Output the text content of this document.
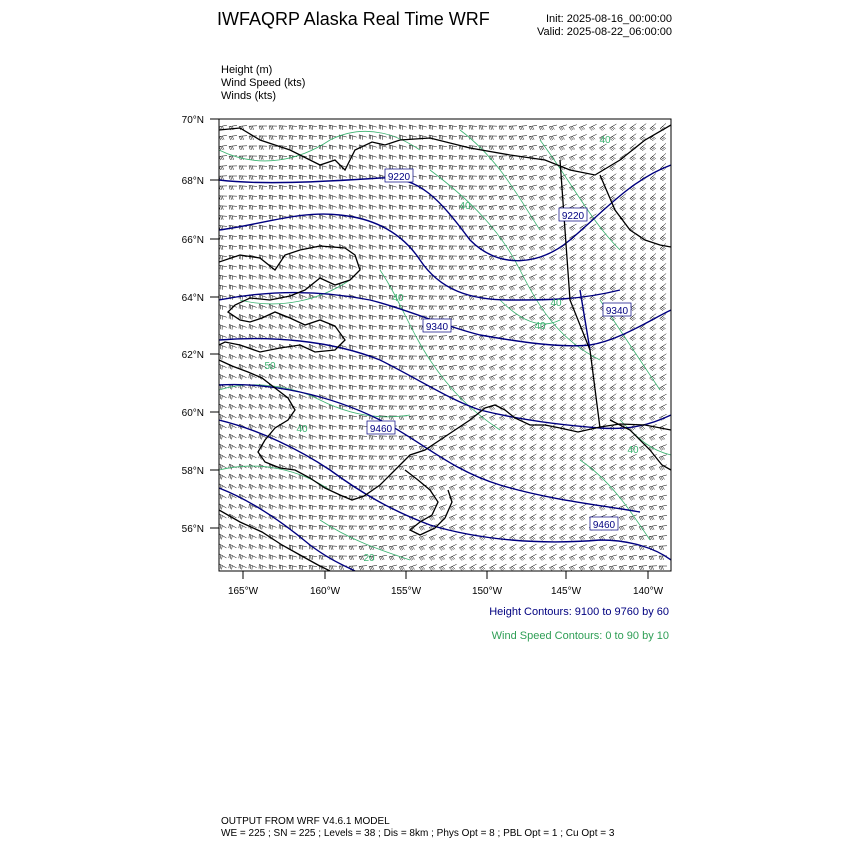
IWFAQRP Alaska Real Time WRF	Init: 2025-08-16_00:00:00
Valid: 2025-08-22_06:00:00
Height (m)
Wind Speed (kts)
Winds (kts)
9220
9220
9340
9340
9460
9460
40
40
40
40
40
50
40
40
20
70°N
68°N
66°N
64°N
62°N
60°N
58°N
56°N
165°W	160°W	155°W	150°W	145°W	140°W
Height Contours: 9100 to 9760 by 60
Wind Speed Contours: 0 to 90 by 10
OUTPUT FROM WRF V4.6.1 MODEL
WE = 225 ; SN = 225 ; Levels = 38 ; Dis = 8km ; Phys Opt = 8 ; PBL Opt = 1 ; Cu Opt = 3
